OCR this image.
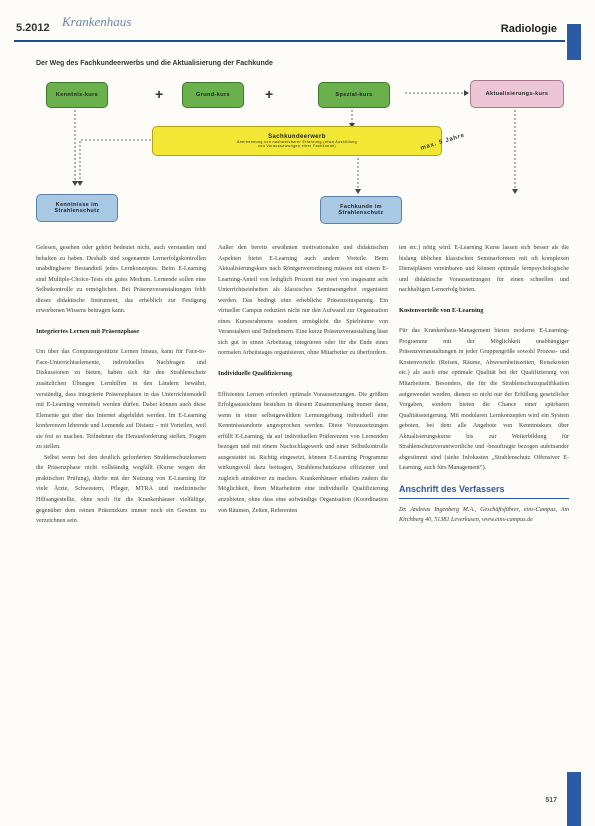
5.2012 Krankenhaus	Radiologie
Der Weg des Fachkundeerwerbs und die Aktualisierung der Fachkunde
Kenntnis-kurs	+	Grund-kurs	+	Spezial-kurs	Aktualisierungs-kurs
Sachkundeerwerb
Anerkennung von nachweisbarer Erfahrung (etwa Ausbildung
von Voraussetzungen einer Fachkunde)	max. 5 Jahre
Kenntnisse im Strahlenschutz
Fachkunde im Strahlenschutz

Gelesen, gesehen oder gehört bedeutet nicht, auch verstanden und behalten zu haben. Deshalb sind sogenannte Lernerfolgskontrollen unabdingbarer Bestandteil jedes Lernkonzeptes. Beim E-Learning sind Multiple-Choice-Tests ein gutes Medium. Lernende sollen eine Selbstkontrolle zu ermöglichen. Bei Präsenzveranstaltungen fehlt dieses didaktische Instrument, das erheblich zur Festigung erworbenen Wissens beitragen kann.

Integriertes Lernen mit Präsenzphase

Um über das Computergestützte Lernen hinaus, kann für Face-to-Face-Unterrichtselemente, individuelles Nachfragen und Diskussionen zu bieten, haben sich für den Strahlenschutz zusätzlichen Übungen Lernhilfen in den Ländern bewährt, verständig, dass integrierte Präsenzphasen in das Unterrichtsmodell mit E-Learning vermittelt werden dürfen. Dabei können auch diese Elemente gut über das Internet abgebildet werden. Im E-Learning konferenzen lehrende und Lernende auf Distanz – mit Vorteilen, weil sie frei so machen. Teilnehmer die Herausforderung stellen, Fragen zu stellen.

Selbst wenn bei den deutlich geforderten Strahlenschutzkursen die Präsenzphase nicht vollständig wegfällt (Kurse wegen der praktischen Prüfung), dürfte mit der Nutzung von E-Learning für viele Ärzte, Schwestern, Pfleger, MTRA und medizinische Hilfsangestellte, ohne noch für die Krankenhäuser vielfältige, gegenüber dem reinen Präsenzkurs immer noch ein Gewinn zu verzeichnen sein.

Außer den bereits erwähnten motivationalen und didaktischen Aspekten bietet E-Learning auch andere Vorteile. Beim Aktualisierungskurs nach Röntgenverordnung müssen mit einem E-Learning-Anteil von lediglich Prozent nur zwei von insgesamt acht Unterrichtseinheiten als klassisches Seminarangebot organisiert werden. Das bedingt eine erhebliche Präsenzeinsparung. Ein virtueller Campus reduziert nicht nur den Aufwand zur Organisation eines Kursesrahmens sondern ermöglicht die Spielräume von Veranstaltern und Teilnehmern. Eine kurze Präsenzveranstaltung lässt sich gut in einen Arbeitstag integrieren oder für die Ende eines normalen Arbeitstages organisieren, ohne Mitarbeiter zu überfordern.

Individuelle Qualifizierung

Effizientes Lernen erfordert optimale Voraussetzungen. Die größten Erfolgsaussichten bestehen in diesem Zusammenhang immer dann, wenn in einer selbstgewählten Lernumgebung individuell eine Kenntnisstandorte angesprochen werden. Diese Voraussetzungen erfüllt E-Learning, da auf individuellen Präferenzen von Lernenden bezogen und mit einem Nachschlagewerk und einer Selbstkontrolle ausgestattet ist. Richtig eingesetzt, können E-Learning Programme wirkungsvoll dazu beitragen, Strahlenschutzkurse effizienter und zugleich attraktiver zu machen. Krankenhäuser erhalten zudem die Möglichkeit, ihren Mitarbeitern eine individuelle Qualifizierung anzubieten, ohne dass eine aufwändige Organisation (Koordination von Räumen, Zeiten, Referenten

ten etc.) nötig wird. E-Learning Kurse lassen sich besser als die bislang üblichen klassischen Seminarformen mit oft komplexen Dienstplänen vereinbaren und können optimale lernpsychologische und didaktische Voraussetzungen für einen schnellen und nachhaltigen Lernerfolg bieten.

Kostenvorteile von E-Learning

Für das Krankenhaus-Management bieten moderne E-Learning-Programme mit der Möglichkeit unabhängiger Präsenzveranstaltungen in jeder Gruppengröße sowohl Prozess- und Kostenvorteile (Reisen, Räume, Abwesenheitszeiten, Reisekosten etc.) als auch eine optimale Qualität bei der Qualifizierung von Mitarbeitern. Besonders, die für die Strahlenschutzqualifikation aufgewendet werden, dienen so nicht nur der Erfüllung gesetzlicher Vorgaben, sondern bieten die Chance einer spürbaren Qualitätssteigerung. Mit modularen Lernkonzepten wird ein System geboten, bei dem alle Angebote von Kenntniskurs über Aktualisierungskurse bis zur Weiterbildung für Strahlenschutzverantwortliche und -beauftragte bezogen aufeinander abgestimmt sind (siehe Infokasten „Strahlenschutz Offensiver E-Learning, auch fürs Management“).

Anschrift des Verfassers

Dr. Andreas Ingenberg M.A., Geschäftsführer, eins-Campus, Am Kirchberg 40, 51381 Leverkusen, www.eins-campus.de

517
